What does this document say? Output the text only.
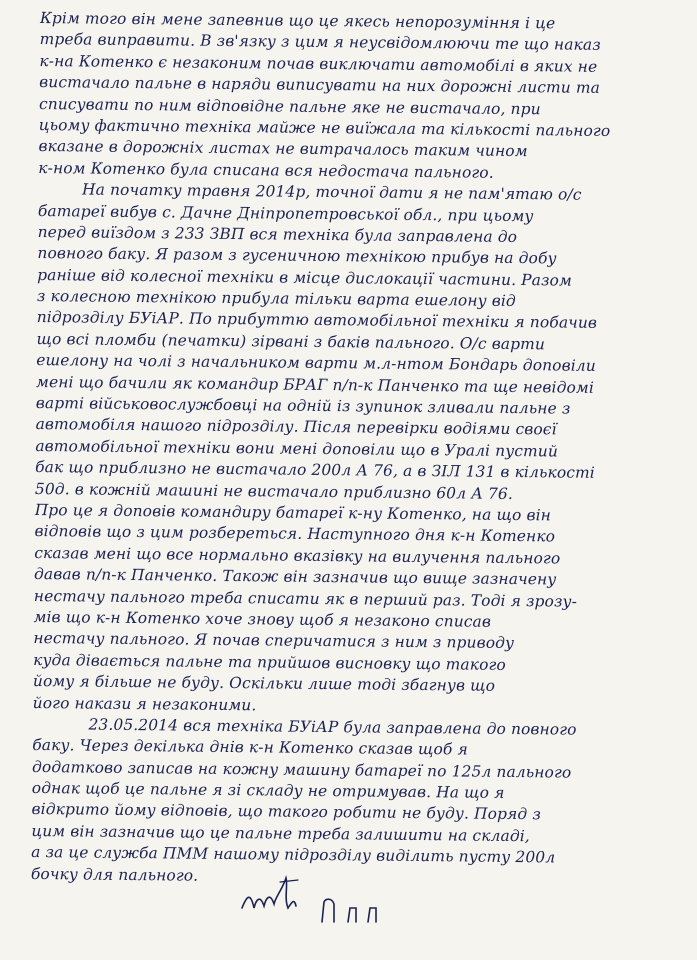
Крім того він мене запевнив що це якесь непорозуміння і це
треба виправити. В зв'язку з цим я неусвідомлюючи те що наказ
к-на Котенко є незаконим почав виключати автомобілі в яких не
вистачало пальне в наряди виписувати на них дорожні листи та
списувати по ним відповідне пальне яке не вистачало, при
цьому фактично техніка майже не виїжала та кількості пального
вказане в дорожніх листах не витрачалось таким чином
к-ном Котенко була списана вся недостача пального.
На початку травня 2014р, точної дати я не пам'ятаю о/с
батареї вибув с. Дачне Дніпропетровської обл., при цьому
перед виїздом з 233 ЗВП вся техніка була заправлена до
повного баку. Я разом з гусеничною технікою прибув на добу
раніше від колесної техніки в місце дислокації частини. Разом
з колесною технікою прибула тільки варта ешелону від
підрозділу БУіАР. По прибуттю автомобільної техніки я побачив
що всі пломби (печатки) зірвані з баків пального. О/с варти
ешелону на чолі з начальником варти м.л-нтом Бондарь доповіли
мені що бачили як командир БРАГ п/п-к Панченко та ще невідомі
варті військовослужбовці на одній із зупинок зливали пальне з
автомобіля нашого підрозділу. Після перевірки водіями своєї
автомобільної техніки вони мені доповіли що в Уралі пустий
бак що приблизно не вистачало 200л А 76, а в ЗІЛ 131 в кількості
50д. в кожній машині не вистачало приблизно 60л А 76.
Про це я доповів командиру батареї к-ну Котенко, на що він
відповів що з цим розбереться. Наступного дня к-н Котенко
сказав мені що все нормально вказівку на вилучення пального
давав п/п-к Панченко. Також він зазначив що вище зазначену
нестачу пального треба списати як в перший раз. Тоді я зрозу-
мів що к-н Котенко хоче знову щоб я незаконо списав
нестачу пального. Я почав сперичатися з ним з приводу
куда дівається пальне та прийшов висновку що такого
йому я більше не буду. Оскільки лише тоді збагнув що
його накази я незаконими.
23.05.2014 вся техніка БУіАР була заправлена до повного
баку. Через декілька днів к-н Котенко сказав щоб я
додатково записав на кожну машину батареї по 125л пального
однак щоб це пальне я зі складу не отримував. На що я
відкрито йому відповів, що такого робити не буду. Поряд з
цим він зазначив що це пальне треба залишити на складі,
а за це служба ПММ нашому підрозділу виділить пусту 200л
бочку для пального.
